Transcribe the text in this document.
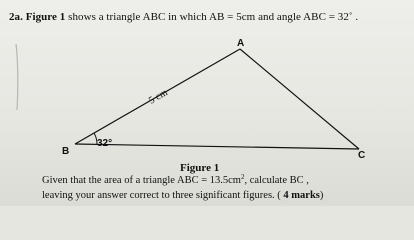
2a. Figure 1 shows a triangle ABC in which AB = 5cm and angle ABC = 32˚ .
A
B	C
5 cm
32°
Figure 1
Given that the area of a triangle ABC = $13.5cm^2$, calculate BC ,
leaving your answer correct to three significant figures. ( 4 marks)
